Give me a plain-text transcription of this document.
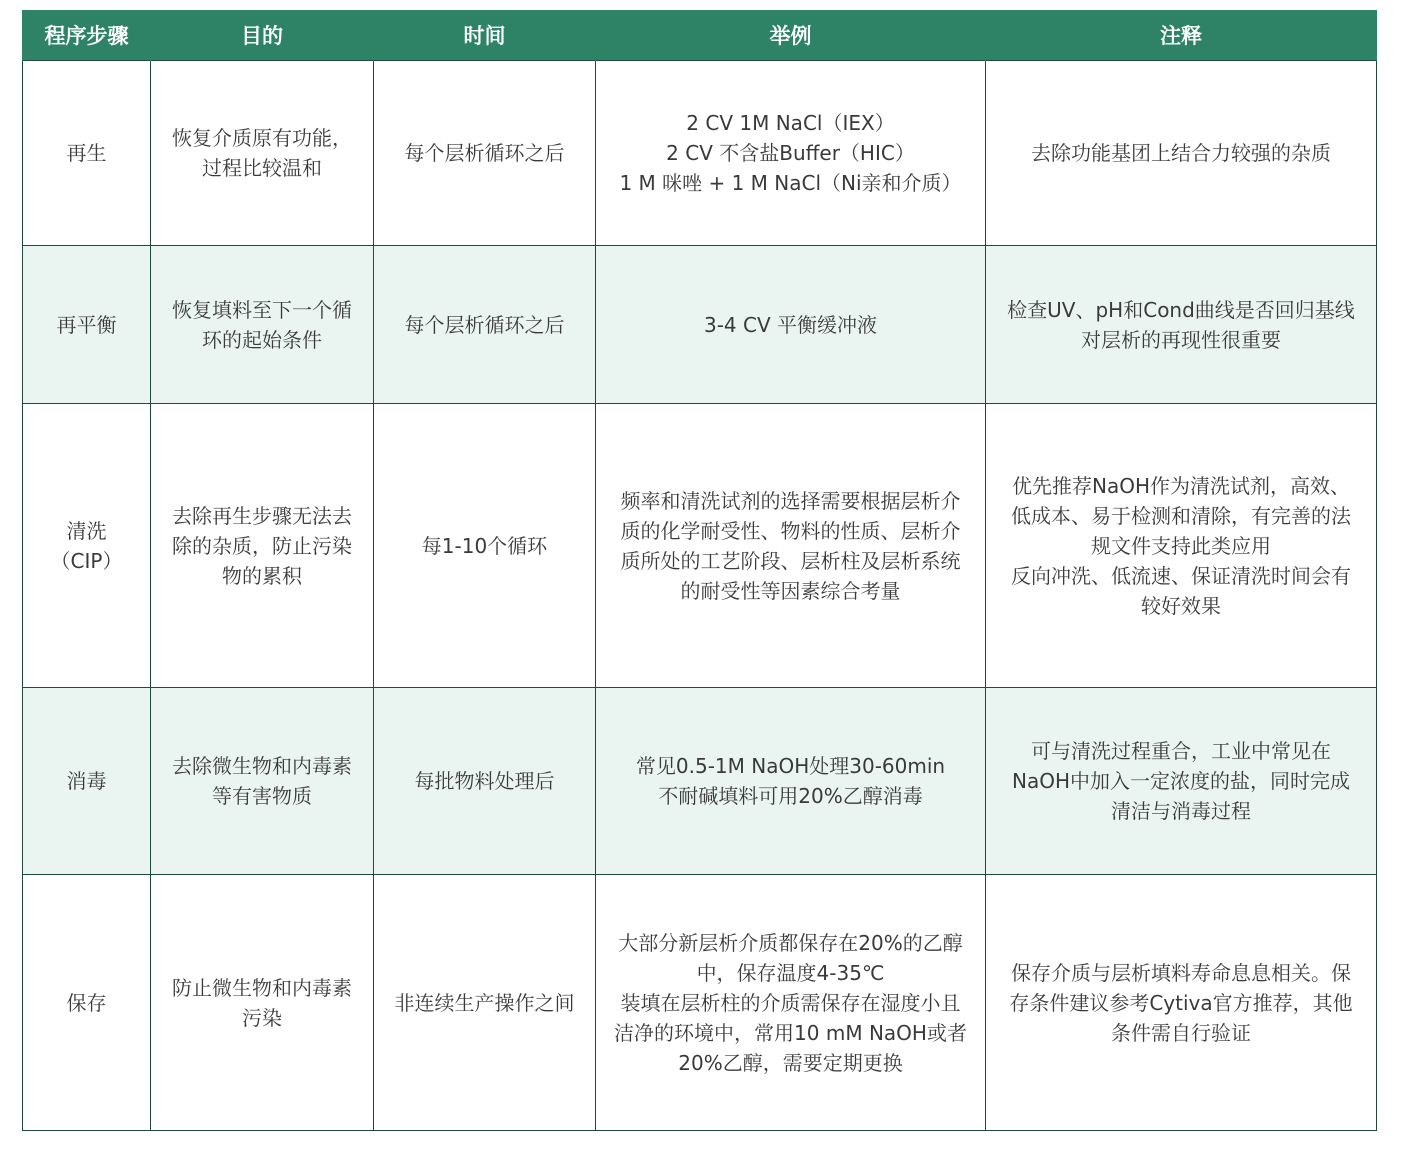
程序步骤	目的	时间	举例	注释

再生	恢复介质原有功能，
过程比较温和	每个层析循环之后	2 CV 1M NaCl（IEX）
2 CV 不含盐Buffer（HIC）
1 M 咪唑 + 1 M NaCl（Ni亲和介质）	去除功能基团上结合力较强的杂质

再平衡	恢复填料至下一个循
环的起始条件	每个层析循环之后	3-4 CV 平衡缓冲液	检查UV、pH和Cond曲线是否回归基线
对层析的再现性很重要

清洗
（CIP）	去除再生步骤无法去
除的杂质，防止污染
物的累积	每1-10个循环	频率和清洗试剂的选择需要根据层析介
质的化学耐受性、物料的性质、层析介
质所处的工艺阶段、层析柱及层析系统
的耐受性等因素综合考量	优先推荐NaOH作为清洗试剂，高效、
低成本、易于检测和清除，有完善的法
规文件支持此类应用
反向冲洗、低流速、保证清洗时间会有
较好效果

消毒	去除微生物和内毒素
等有害物质	每批物料处理后	常见0.5-1M NaOH处理30-60min
不耐碱填料可用20%乙醇消毒	可与清洗过程重合，工业中常见在
NaOH中加入一定浓度的盐，同时完成
清洁与消毒过程

保存	防止微生物和内毒素
污染	非连续生产操作之间	大部分新层析介质都保存在20%的乙醇
中，保存温度4-35℃
装填在层析柱的介质需保存在湿度小且
洁净的环境中，常用10 mM NaOH或者
20%乙醇，需要定期更换	保存介质与层析填料寿命息息相关。保
存条件建议参考Cytiva官方推荐，其他
条件需自行验证
